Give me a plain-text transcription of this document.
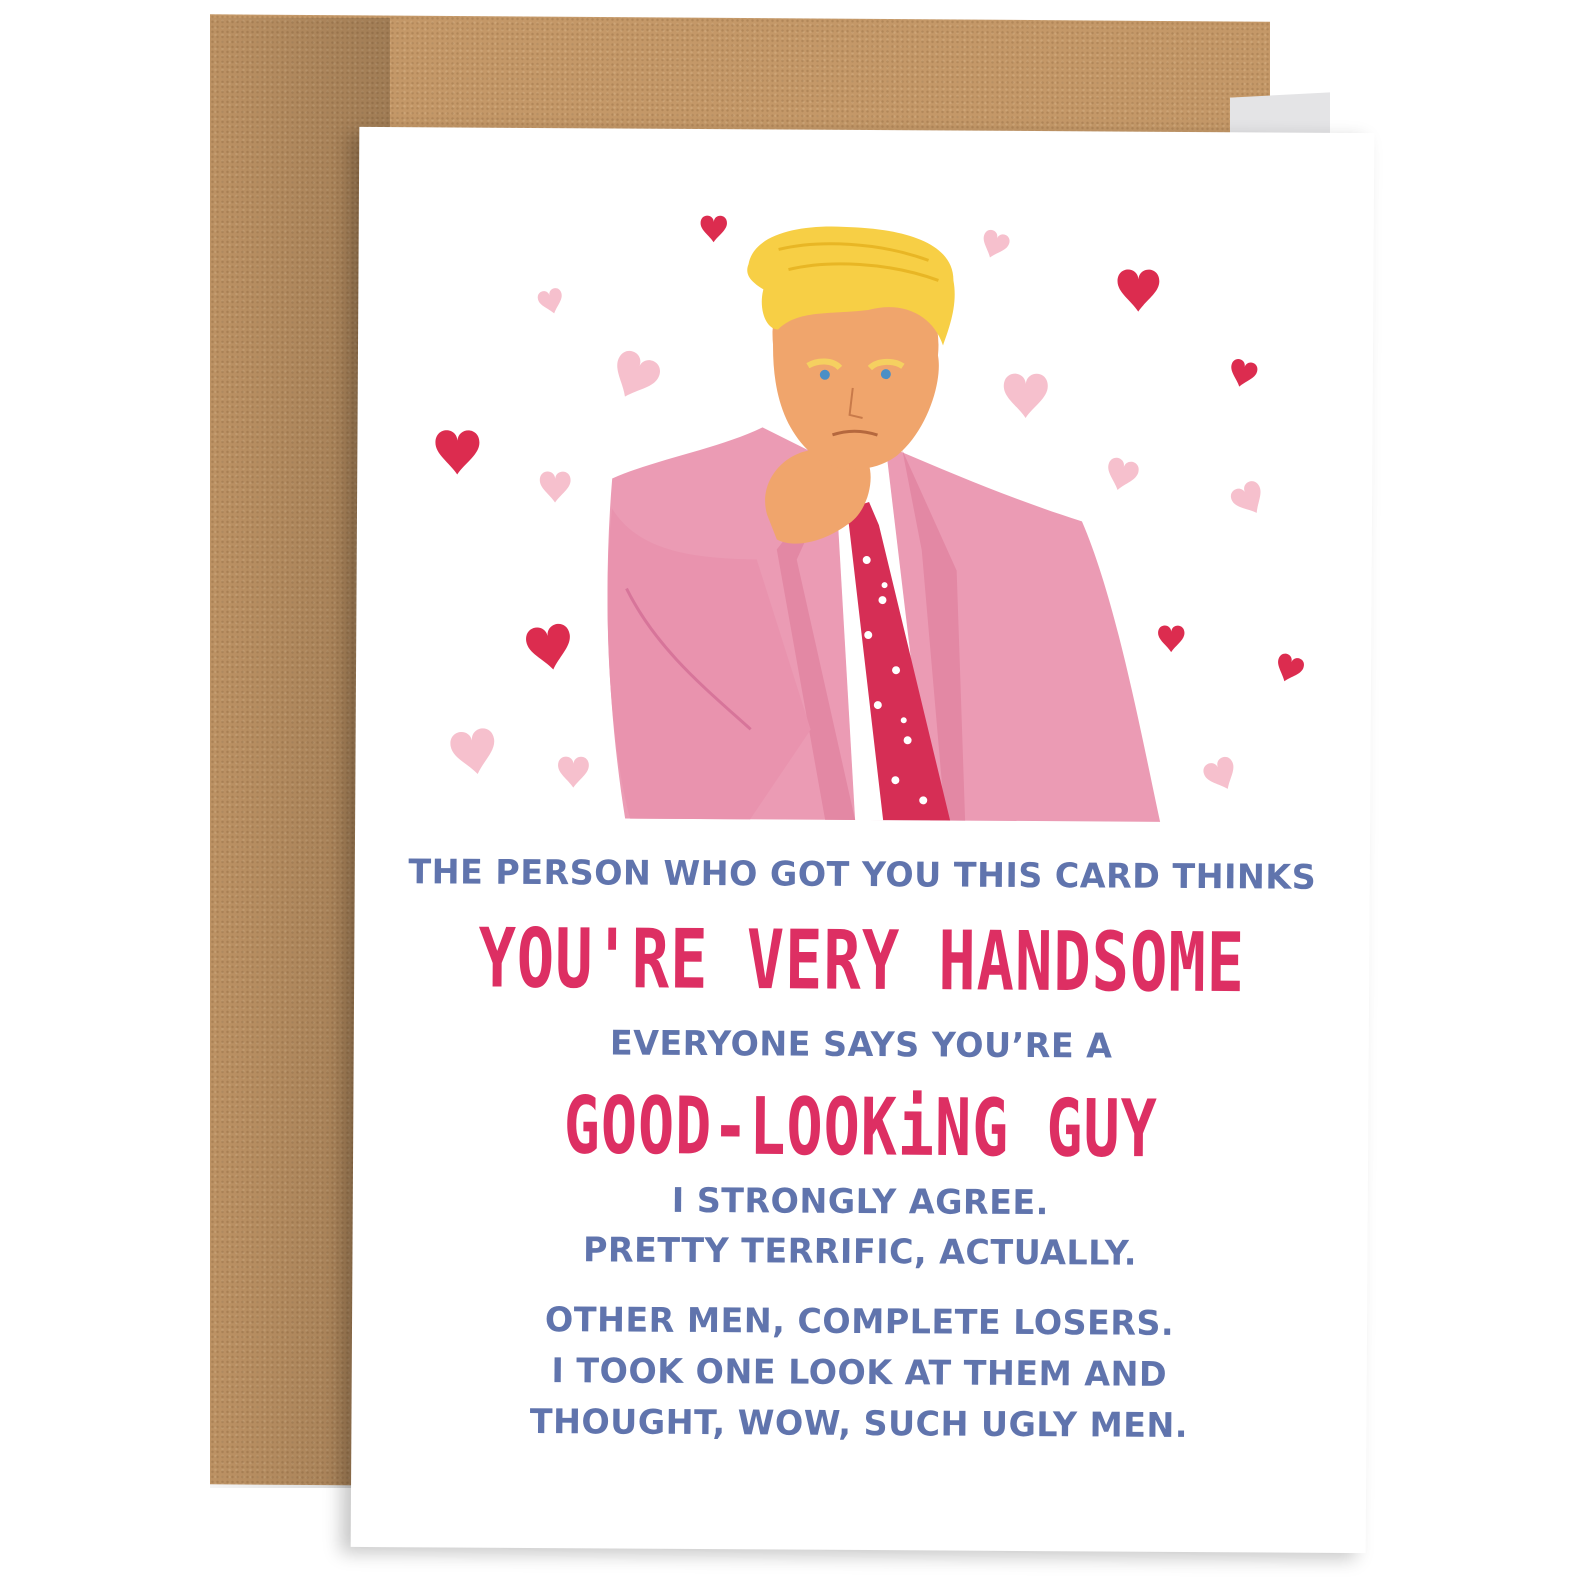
THE PERSON WHO GOT YOU THIS CARD THINKS
YOU'RE VERY HANDSOME
EVERYONE SAYS YOU’RE A
GOOD-LOOKiNG GUY
I STRONGLY AGREE.
PRETTY TERRIFIC, ACTUALLY.
OTHER MEN, COMPLETE LOSERS.
I TOOK ONE LOOK AT THEM AND
THOUGHT, WOW, SUCH UGLY MEN.
